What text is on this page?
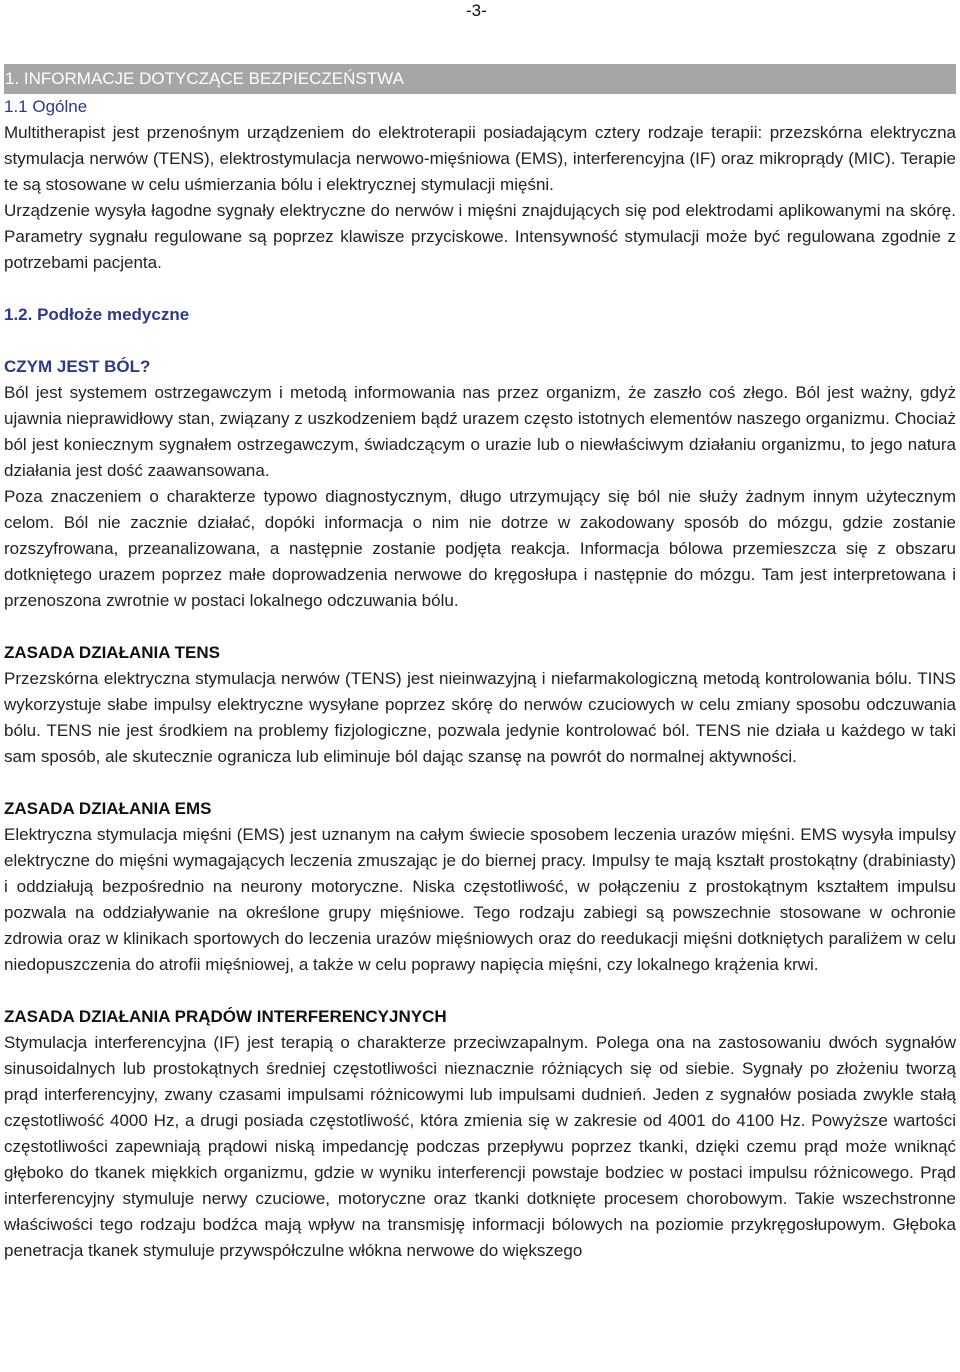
-3-
1. INFORMACJE DOTYCZĄCE BEZPIECZEŃSTWA
1.1 Ogólne

Multitherapist jest przenośnym urządzeniem do elektroterapii posiadającym cztery rodzaje terapii: przezskórna elektryczna stymulacja nerwów (TENS), elektrostymulacja nerwowo-mięśniowa (EMS), interferencyjna (IF) oraz mikroprądy (MIC). Terapie te są stosowane w celu uśmierzania bólu i elektrycznej stymulacji mięśni.

Urządzenie wysyła łagodne sygnały elektryczne do nerwów i mięśni znajdujących się pod elektrodami aplikowanymi na skórę. Parametry sygnału regulowane są poprzez klawisze przyciskowe. Intensywność stymulacji może być regulowana zgodnie z potrzebami pacjenta.

1.2. Podłoże medyczne
CZYM JEST BÓL?

Ból jest systemem ostrzegawczym i metodą informowania nas przez organizm, że zaszło coś złego. Ból jest ważny, gdyż ujawnia nieprawidłowy stan, związany z uszkodzeniem bądź urazem często istotnych elementów naszego organizmu. Chociaż ból jest koniecznym sygnałem ostrzegawczym, świadczącym o urazie lub o niewłaściwym działaniu organizmu, to jego natura działania jest dość zaawansowana.

Poza znaczeniem o charakterze typowo diagnostycznym, długo utrzymujący się ból nie służy żadnym innym użytecznym celom. Ból nie zacznie działać, dopóki informacja o nim nie dotrze w zakodowany sposób do mózgu, gdzie zostanie rozszyfrowana, przeanalizowana, a następnie zostanie podjęta reakcja. Informacja bólowa przemieszcza się z obszaru dotkniętego urazem poprzez małe doprowadzenia nerwowe do kręgosłupa i następnie do mózgu. Tam jest interpretowana i przenoszona zwrotnie w postaci lokalnego odczuwania bólu.

ZASADA DZIAŁANIA TENS

Przezskórna elektryczna stymulacja nerwów (TENS) jest nieinwazyjną i niefarmakologiczną metodą kontrolowania bólu. TINS wykorzystuje słabe impulsy elektryczne wysyłane poprzez skórę do nerwów czuciowych w celu zmiany sposobu odczuwania bólu. TENS nie jest środkiem na problemy fizjologiczne, pozwala jedynie kontrolować ból. TENS nie działa u każdego w taki sam sposób, ale skutecznie ogranicza lub eliminuje ból dając szansę na powrót do normalnej aktywności.

ZASADA DZIAŁANIA EMS

Elektryczna stymulacja mięśni (EMS) jest uznanym na całym świecie sposobem leczenia urazów mięśni. EMS wysyła impulsy elektryczne do mięśni wymagających leczenia zmuszając je do biernej pracy. Impulsy te mają kształt prostokątny (drabiniasty) i oddziałują bezpośrednio na neurony motoryczne. Niska częstotliwość, w połączeniu z prostokątnym kształtem impulsu pozwala na oddziaływanie na określone grupy mięśniowe. Tego rodzaju zabiegi są powszechnie stosowane w ochronie zdrowia oraz w klinikach sportowych do leczenia urazów mięśniowych oraz do reedukacji mięśni dotkniętych paraliżem w celu niedopuszczenia do atrofii mięśniowej, a także w celu poprawy napięcia mięśni, czy lokalnego krążenia krwi.

ZASADA DZIAŁANIA PRĄDÓW INTERFERENCYJNYCH

Stymulacja interferencyjna (IF) jest terapią o charakterze przeciwzapalnym. Polega ona na zastosowaniu dwóch sygnałów sinusoidalnych lub prostokątnych średniej częstotliwości nieznacznie różniących się od siebie. Sygnały po złożeniu tworzą prąd interferencyjny, zwany czasami impulsami różnicowymi lub impulsami dudnień. Jeden z sygnałów posiada zwykle stałą częstotliwość 4000 Hz, a drugi posiada częstotliwość, która zmienia się w zakresie od 4001 do 4100 Hz. Powyższe wartości częstotliwości zapewniają prądowi niską impedancję podczas przepływu poprzez tkanki, dzięki czemu prąd może wniknąć głęboko do tkanek miękkich organizmu, gdzie w wyniku interferencji powstaje bodziec w postaci impulsu różnicowego. Prąd interferencyjny stymuluje nerwy czuciowe, motoryczne oraz tkanki dotknięte procesem chorobowym. Takie wszechstronne właściwości tego rodzaju bodźca mają wpływ na transmisję informacji bólowych na poziomie przykręgosłupowym. Głęboka penetracja tkanek stymuluje przywspółczulne włókna nerwowe do większego
